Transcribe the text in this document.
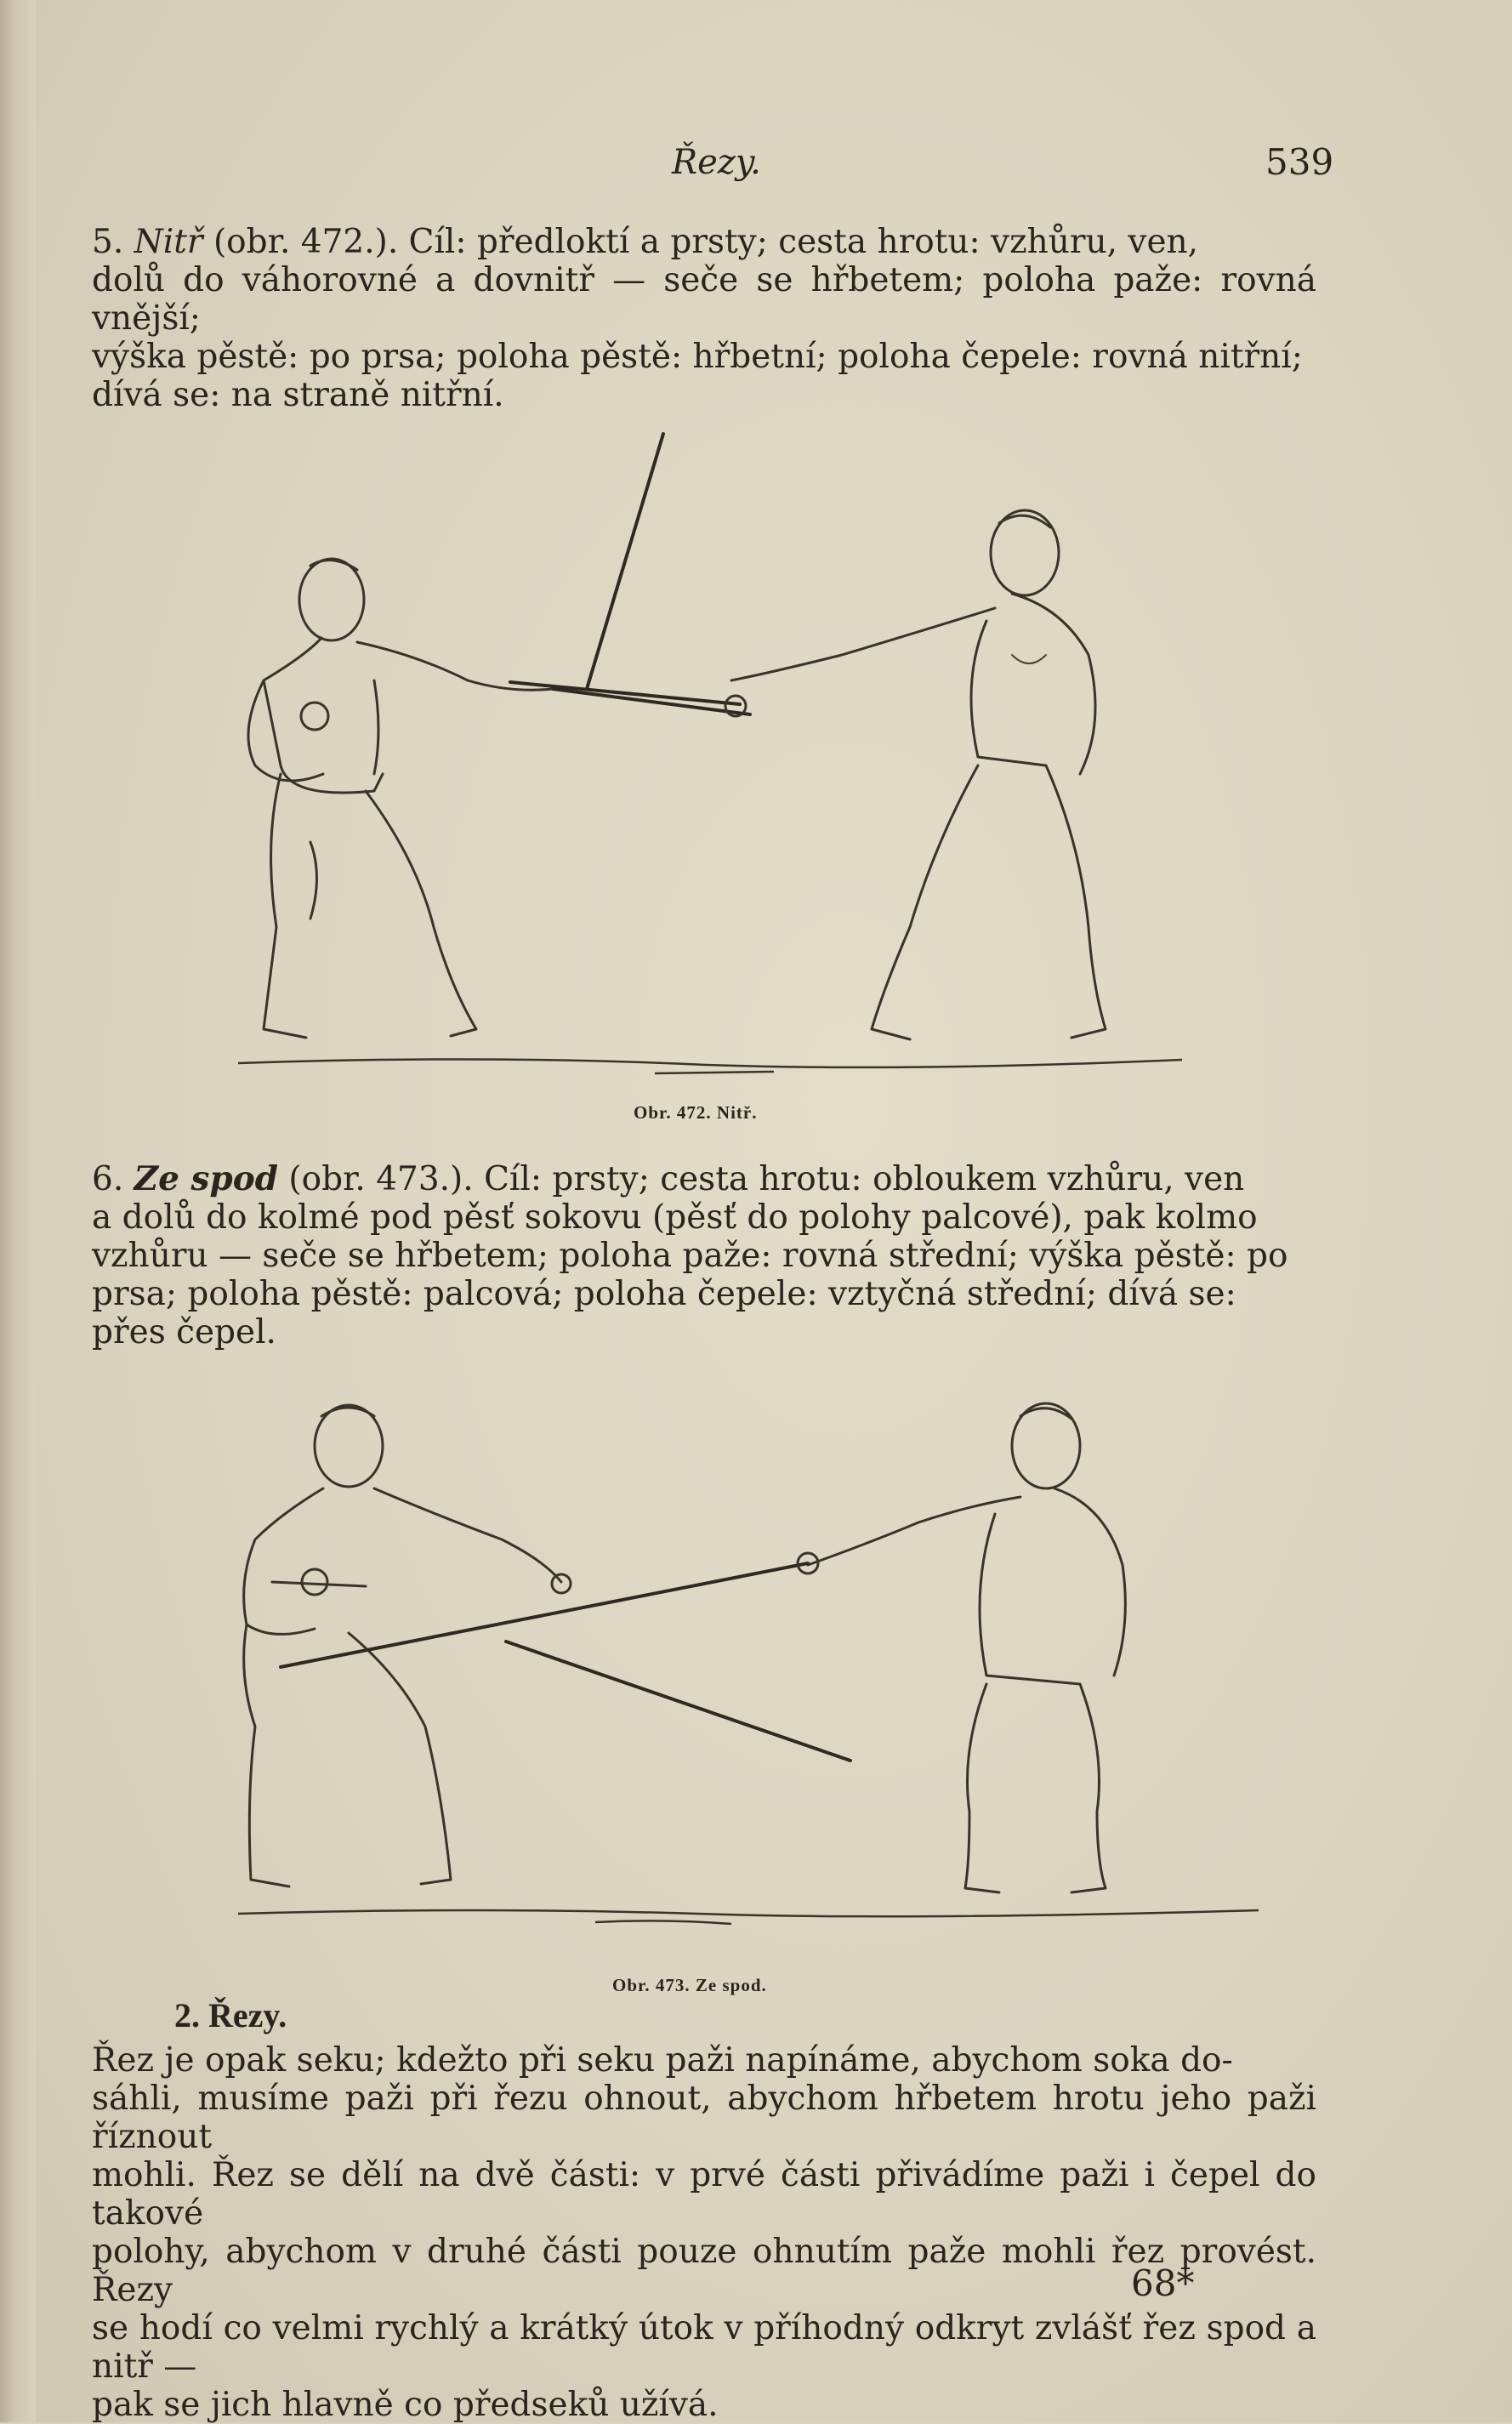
Řezy.	539
5. Nitř (obr. 472.). Cíl: předloktí a prsty; cesta hrotu: vzhůru, ven,
dolů do váhorovné a dovnitř — seče se hřbetem; poloha paže: rovná vnější;
výška pěstě: po prsa; poloha pěstě: hřbetní; poloha čepele: rovná nitřní;
dívá se: na straně nitřní.
Obr. 472. Nitř.
6. Ze spod (obr. 473.). Cíl: prsty; cesta hrotu: obloukem vzhůru, ven
a dolů do kolmé pod pěsť sokovu (pěsť do polohy palcové), pak kolmo
vzhůru — seče se hřbetem; poloha paže: rovná střední; výška pěstě: po
prsa; poloha pěstě: palcová; poloha čepele: vztyčná střední; dívá se:
přes čepel.
Obr. 473. Ze spod.
2. Řezy.
Řez je opak seku; kdežto při seku paži napínáme, abychom soka do-
sáhli, musíme paži při řezu ohnout, abychom hřbetem hrotu jeho paži říznout
mohli. Řez se dělí na dvě části: v prvé části přivádíme paži i čepel do takové
polohy, abychom v druhé části pouze ohnutím paže mohli řez provést. Řezy
se hodí co velmi rychlý a krátký útok v příhodný odkryt zvlášť řez spod a nitř —
pak se jich hlavně co předseků užívá.
68*
